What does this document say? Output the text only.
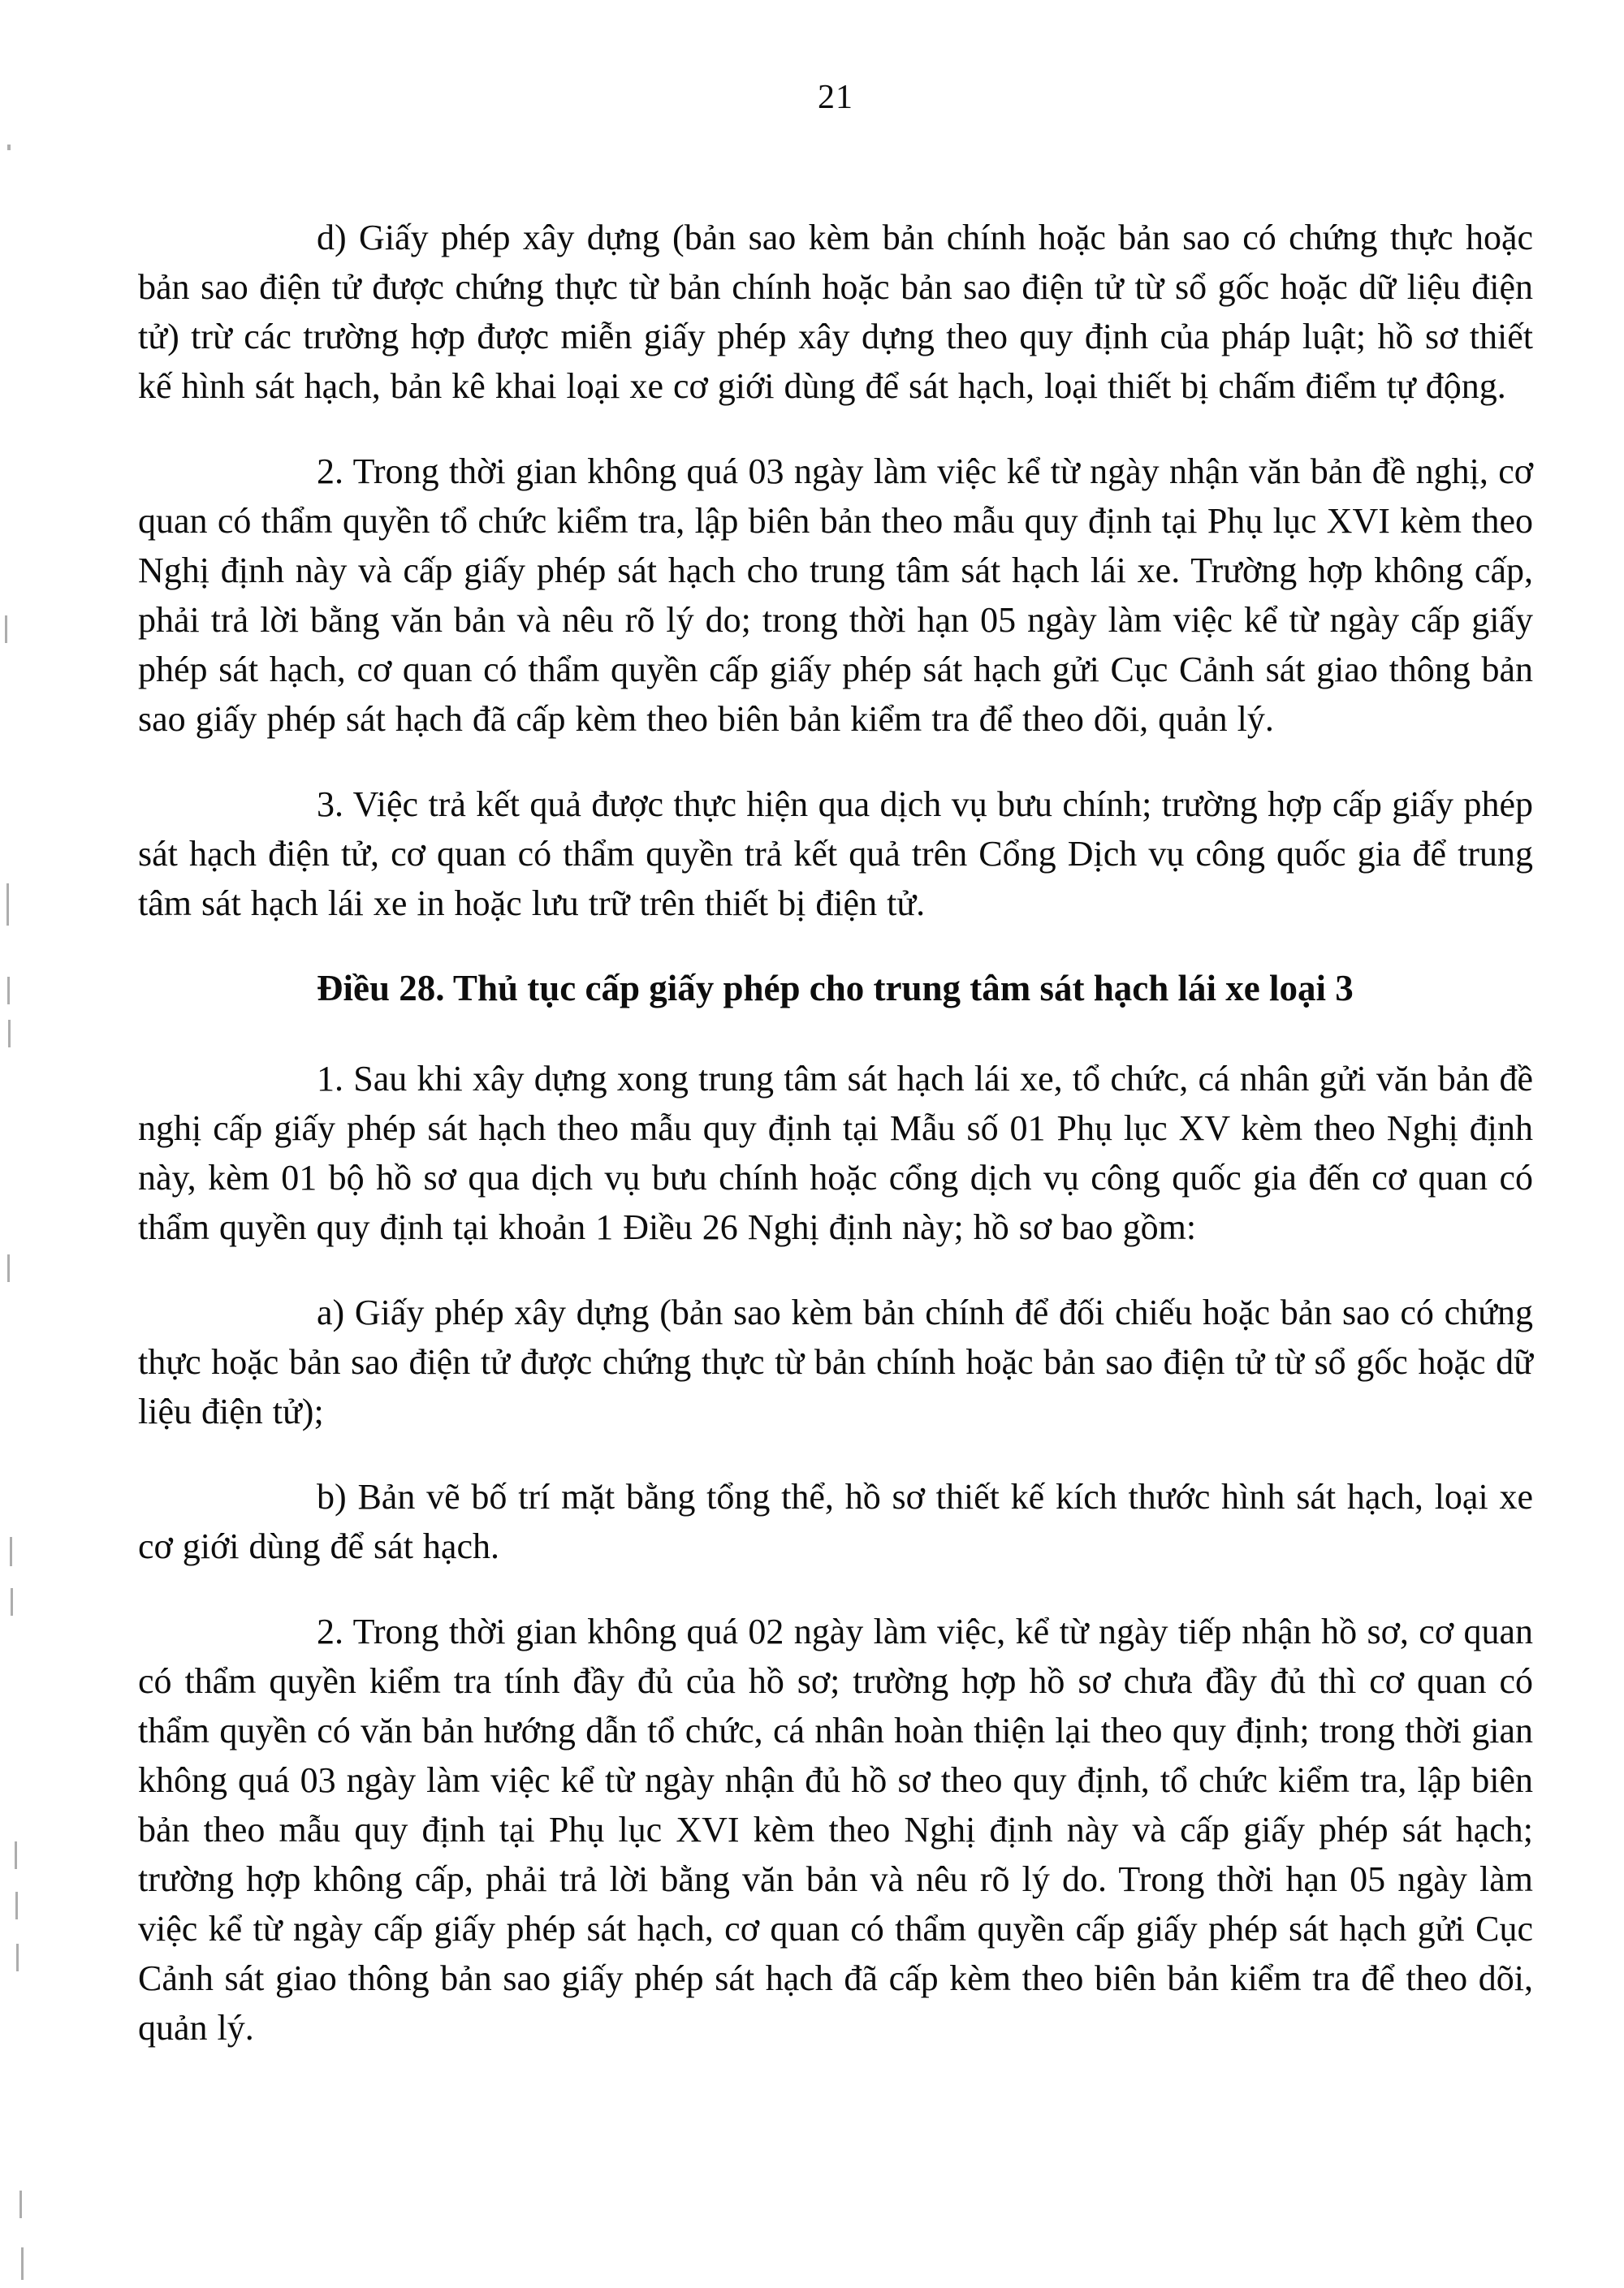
21

d) Giấy phép xây dựng (bản sao kèm bản chính hoặc bản sao có chứng thực hoặc bản sao điện tử được chứng thực từ bản chính hoặc bản sao điện tử từ sổ gốc hoặc dữ liệu điện tử) trừ các trường hợp được miễn giấy phép xây dựng theo quy định của pháp luật; hồ sơ thiết kế hình sát hạch, bản kê khai loại xe cơ giới dùng để sát hạch, loại thiết bị chấm điểm tự động.

2. Trong thời gian không quá 03 ngày làm việc kể từ ngày nhận văn bản đề nghị, cơ quan có thẩm quyền tổ chức kiểm tra, lập biên bản theo mẫu quy định tại Phụ lục XVI kèm theo Nghị định này và cấp giấy phép sát hạch cho trung tâm sát hạch lái xe. Trường hợp không cấp, phải trả lời bằng văn bản và nêu rõ lý do; trong thời hạn 05 ngày làm việc kể từ ngày cấp giấy phép sát hạch, cơ quan có thẩm quyền cấp giấy phép sát hạch gửi Cục Cảnh sát giao thông bản sao giấy phép sát hạch đã cấp kèm theo biên bản kiểm tra để theo dõi, quản lý.

3. Việc trả kết quả được thực hiện qua dịch vụ bưu chính; trường hợp cấp giấy phép sát hạch điện tử, cơ quan có thẩm quyền trả kết quả trên Cổng Dịch vụ công quốc gia để trung tâm sát hạch lái xe in hoặc lưu trữ trên thiết bị điện tử.

Điều 28. Thủ tục cấp giấy phép cho trung tâm sát hạch lái xe loại 3

1. Sau khi xây dựng xong trung tâm sát hạch lái xe, tổ chức, cá nhân gửi văn bản đề nghị cấp giấy phép sát hạch theo mẫu quy định tại Mẫu số 01 Phụ lục XV kèm theo Nghị định này, kèm 01 bộ hồ sơ qua dịch vụ bưu chính hoặc cổng dịch vụ công quốc gia đến cơ quan có thẩm quyền quy định tại khoản 1 Điều 26 Nghị định này; hồ sơ bao gồm:

a) Giấy phép xây dựng (bản sao kèm bản chính để đối chiếu hoặc bản sao có chứng thực hoặc bản sao điện tử được chứng thực từ bản chính hoặc bản sao điện tử từ sổ gốc hoặc dữ liệu điện tử);

b) Bản vẽ bố trí mặt bằng tổng thể, hồ sơ thiết kế kích thước hình sát hạch, loại xe cơ giới dùng để sát hạch.

2. Trong thời gian không quá 02 ngày làm việc, kể từ ngày tiếp nhận hồ sơ, cơ quan có thẩm quyền kiểm tra tính đầy đủ của hồ sơ; trường hợp hồ sơ chưa đầy đủ thì cơ quan có thẩm quyền có văn bản hướng dẫn tổ chức, cá nhân hoàn thiện lại theo quy định; trong thời gian không quá 03 ngày làm việc kể từ ngày nhận đủ hồ sơ theo quy định, tổ chức kiểm tra, lập biên bản theo mẫu quy định tại Phụ lục XVI kèm theo Nghị định này và cấp giấy phép sát hạch; trường hợp không cấp, phải trả lời bằng văn bản và nêu rõ lý do. Trong thời hạn 05 ngày làm việc kể từ ngày cấp giấy phép sát hạch, cơ quan có thẩm quyền cấp giấy phép sát hạch gửi Cục Cảnh sát giao thông bản sao giấy phép sát hạch đã cấp kèm theo biên bản kiểm tra để theo dõi, quản lý.
